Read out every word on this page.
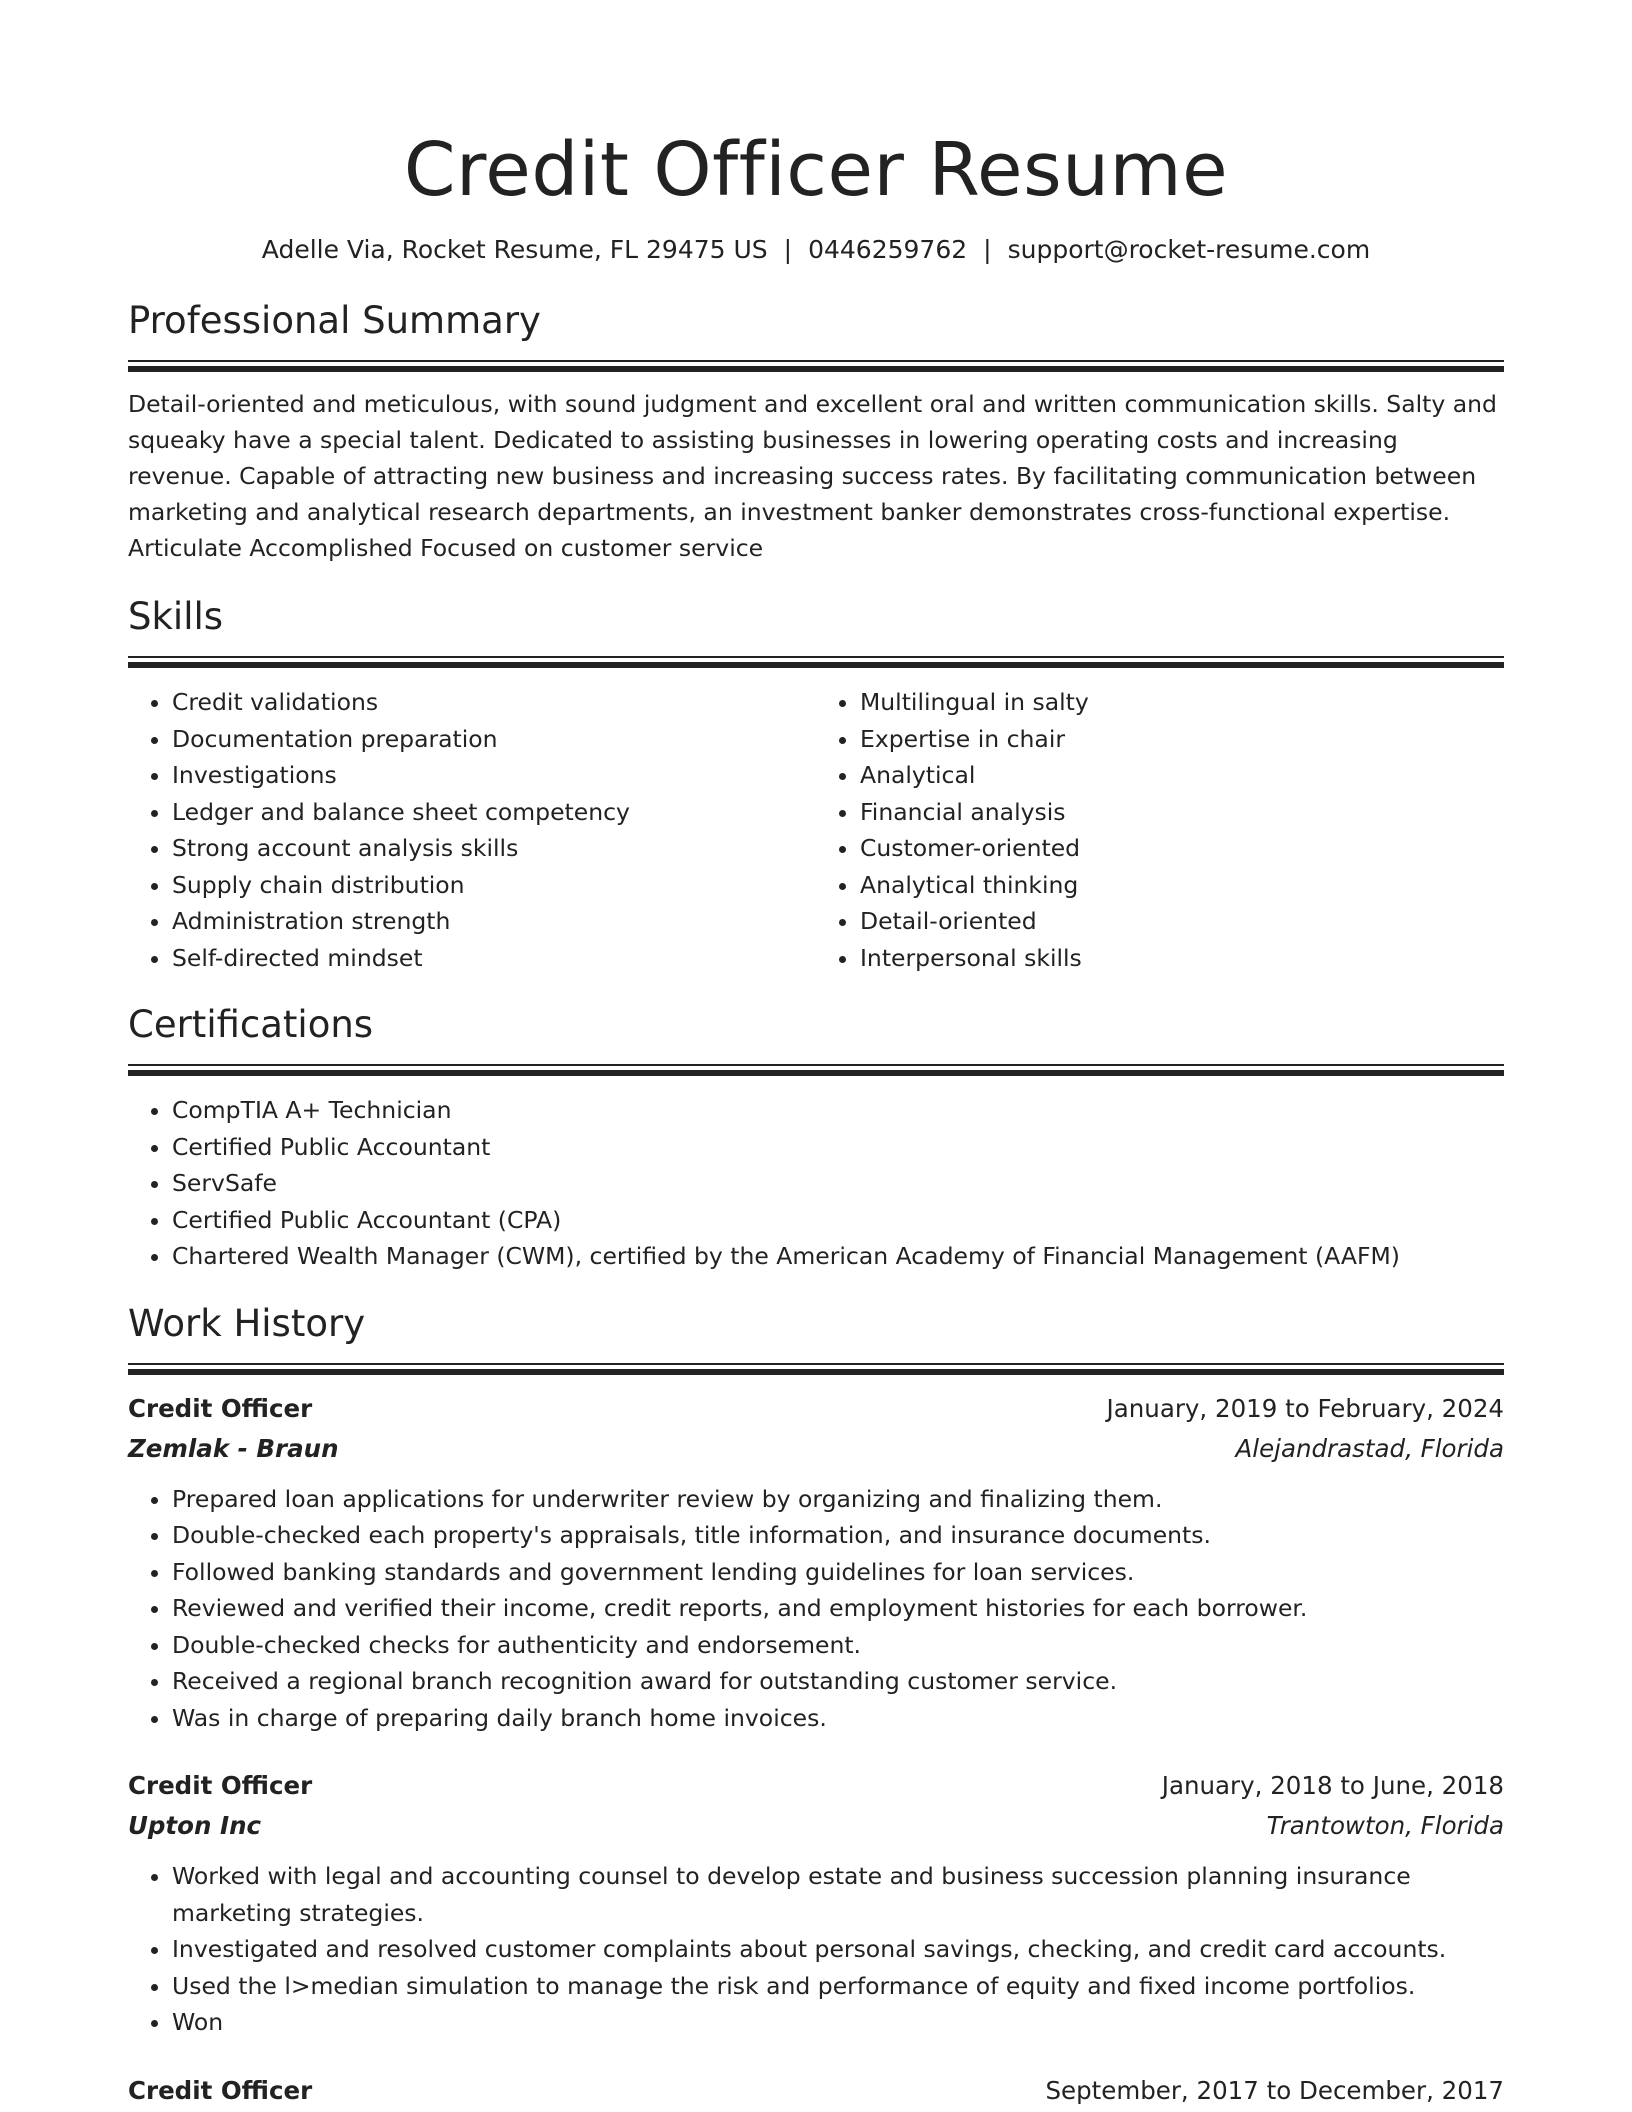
Credit Officer Resume
Adelle Via, Rocket Resume, FL 29475 US | 0446259762 | support@rocket-resume.com
Professional Summary

Detail-oriented and meticulous, with sound judgment and excellent oral and written communication skills. Salty and squeaky have a special talent. Dedicated to assisting businesses in lowering operating costs and increasing revenue. Capable of attracting new business and increasing success rates. By facilitating communication between marketing and analytical research departments, an investment banker demonstrates cross-functional expertise. Articulate Accomplished Focused on customer service

Skills
• Credit validations
• Documentation preparation
• Investigations
• Ledger and balance sheet competency
• Strong account analysis skills
• Supply chain distribution
• Administration strength
• Self-directed mindset
• Multilingual in salty
• Expertise in chair
• Analytical
• Financial analysis
• Customer-oriented
• Analytical thinking
• Detail-oriented
• Interpersonal skills
Certifications
• CompTIA A+ Technician
• Certified Public Accountant
• ServSafe
• Certified Public Accountant (CPA)
• Chartered Wealth Manager (CWM), certified by the American Academy of Financial Management (AAFM)
Work History
Credit Officer	January, 2019 to February, 2024
Zemlak - Braun	Alejandrastad, Florida
• Prepared loan applications for underwriter review by organizing and finalizing them.
• Double-checked each property's appraisals, title information, and insurance documents.
• Followed banking standards and government lending guidelines for loan services.
• Reviewed and verified their income, credit reports, and employment histories for each borrower.
• Double-checked checks for authenticity and endorsement.
• Received a regional branch recognition award for outstanding customer service.
• Was in charge of preparing daily branch home invoices.
Credit Officer	January, 2018 to June, 2018
Upton Inc	Trantowton, Florida
• Worked with legal and accounting counsel to develop estate and business succession planning insurance marketing strategies.
• Investigated and resolved customer complaints about personal savings, checking, and credit card accounts.
• Used the l>median simulation to manage the risk and performance of equity and fixed income portfolios.
• Won
Credit Officer	September, 2017 to December, 2017
